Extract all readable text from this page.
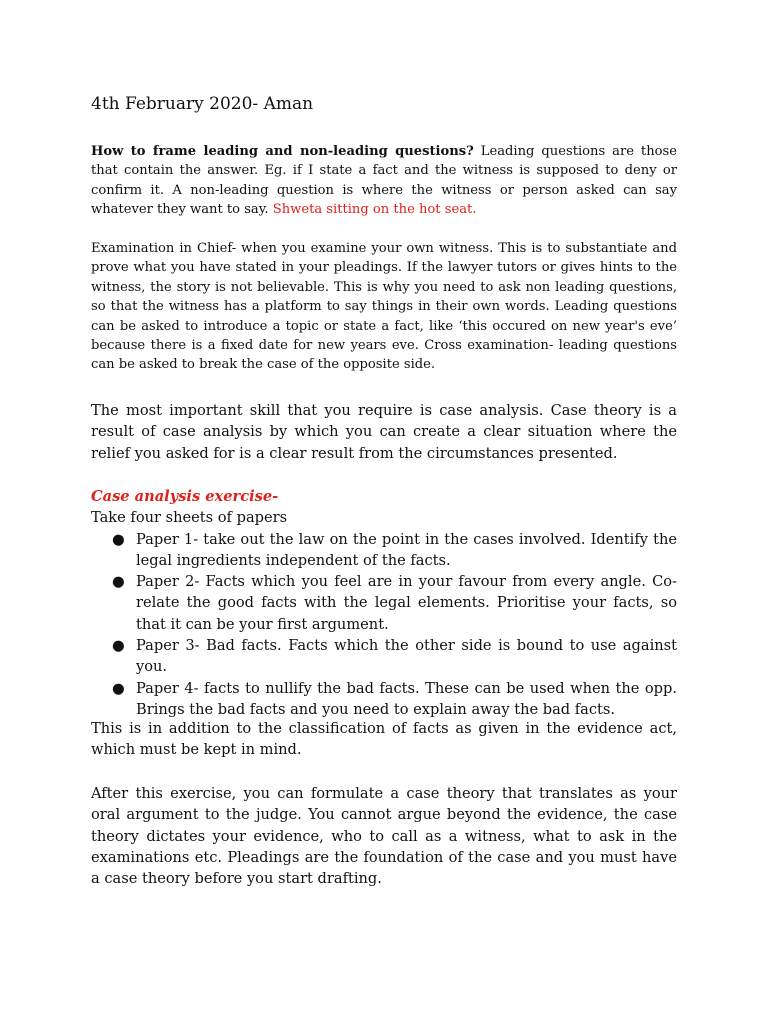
4th February 2020- Aman

How to frame leading and non-leading questions? Leading questions are those that contain the answer. Eg. if I state a fact and the witness is supposed to deny or confirm it. A non-leading question is where the witness or person asked can say whatever they want to say. Shweta sitting on the hot seat.

Examination in Chief- when you examine your own witness. This is to substantiate and prove what you have stated in your pleadings. If the lawyer tutors or gives hints to the witness, the story is not believable. This is why you need to ask non leading questions, so that the witness has a platform to say things in their own words. Leading questions can be asked to introduce a topic or state a fact, like ‘this occured on new year's eve’ because there is a fixed date for new years eve. Cross examination- leading questions can be asked to break the case of the opposite side.

The most important skill that you require is case analysis. Case theory is a result of case analysis by which you can create a clear situation where the relief you asked for is a clear result from the circumstances presented.

Case analysis exercise-
Take four sheets of papers
● Paper 1- take out the law on the point in the cases involved. Identify the legal ingredients independent of the facts.
● Paper 2- Facts which you feel are in your favour from every angle. Co-relate the good facts with the legal elements. Prioritise your facts, so that it can be your first argument.
● Paper 3- Bad facts. Facts which the other side is bound to use against you.
● Paper 4- facts to nullify the bad facts. These can be used when the opp. Brings the bad facts and you need to explain away the bad facts.

This is in addition to the classification of facts as given in the evidence act, which must be kept in mind.

After this exercise, you can formulate a case theory that translates as your oral argument to the judge. You cannot argue beyond the evidence, the case theory dictates your evidence, who to call as a witness, what to ask in the examinations etc. Pleadings are the foundation of the case and you must have a case theory before you start drafting.
